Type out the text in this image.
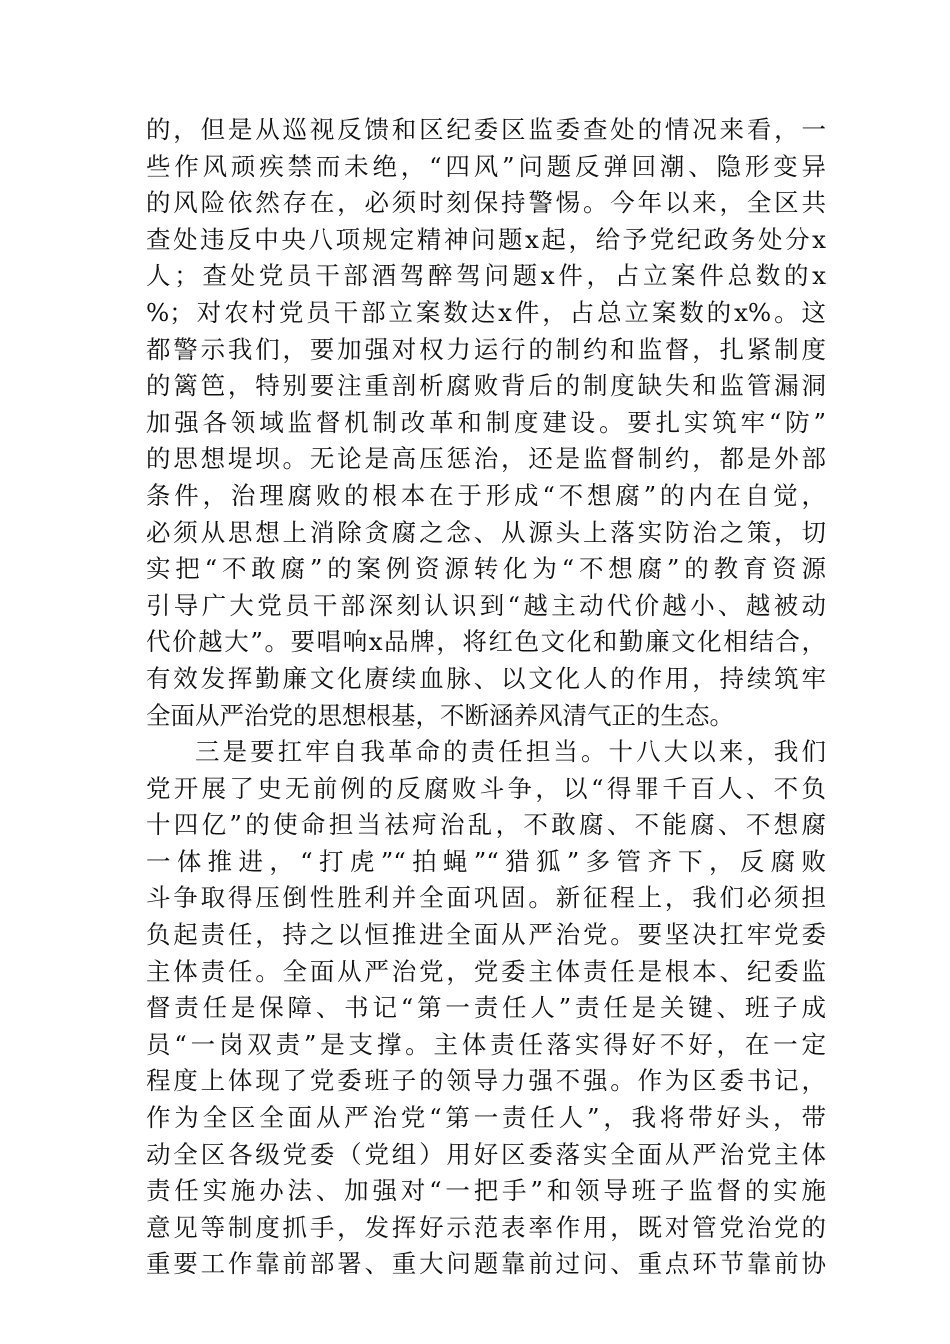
的，但是从巡视反馈和区纪委区监委查处的情况来看，一
些作风顽疾禁而未绝，“四风”问题反弹回潮、隐形变异
的风险依然存在，必须时刻保持警惕。今年以来，全区共
查处违反中央八项规定精神问题x起，给予党纪政务处分x
人；查处党员干部酒驾醉驾问题x件，占立案件总数的x
%；对农村党员干部立案数达x件，占总立案数的x%。这
都警示我们，要加强对权力运行的制约和监督，扎紧制度
的篱笆，特别要注重剖析腐败背后的制度缺失和监管漏洞
加强各领域监督机制改革和制度建设。要扎实筑牢“防”
的思想堤坝。无论是高压惩治，还是监督制约，都是外部
条件，治理腐败的根本在于形成“不想腐”的内在自觉，
必须从思想上消除贪腐之念、从源头上落实防治之策，切
实把“不敢腐”的案例资源转化为“不想腐”的教育资源
引导广大党员干部深刻认识到“越主动代价越小、越被动
代价越大”。要唱响x品牌，将红色文化和勤廉文化相结合，
有效发挥勤廉文化赓续血脉、以文化人的作用，持续筑牢
全面从严治党的思想根基，不断涵养风清气正的生态。
三是要扛牢自我革命的责任担当。十八大以来，我们
党开展了史无前例的反腐败斗争，以“得罪千百人、不负
十四亿”的使命担当祛疴治乱，不敢腐、不能腐、不想腐
一体推进，“打虎”“拍蝇”“猎狐”多管齐下，反腐败
斗争取得压倒性胜利并全面巩固。新征程上，我们必须担
负起责任，持之以恒推进全面从严治党。要坚决扛牢党委
主体责任。全面从严治党，党委主体责任是根本、纪委监
督责任是保障、书记“第一责任人”责任是关键、班子成
员“一岗双责”是支撑。主体责任落实得好不好，在一定
程度上体现了党委班子的领导力强不强。作为区委书记，
作为全区全面从严治党“第一责任人”，我将带好头，带
动全区各级党委（党组）用好区委落实全面从严治党主体
责任实施办法、加强对“一把手”和领导班子监督的实施
意见等制度抓手，发挥好示范表率作用，既对管党治党的
重要工作靠前部署、重大问题靠前过问、重点环节靠前协
